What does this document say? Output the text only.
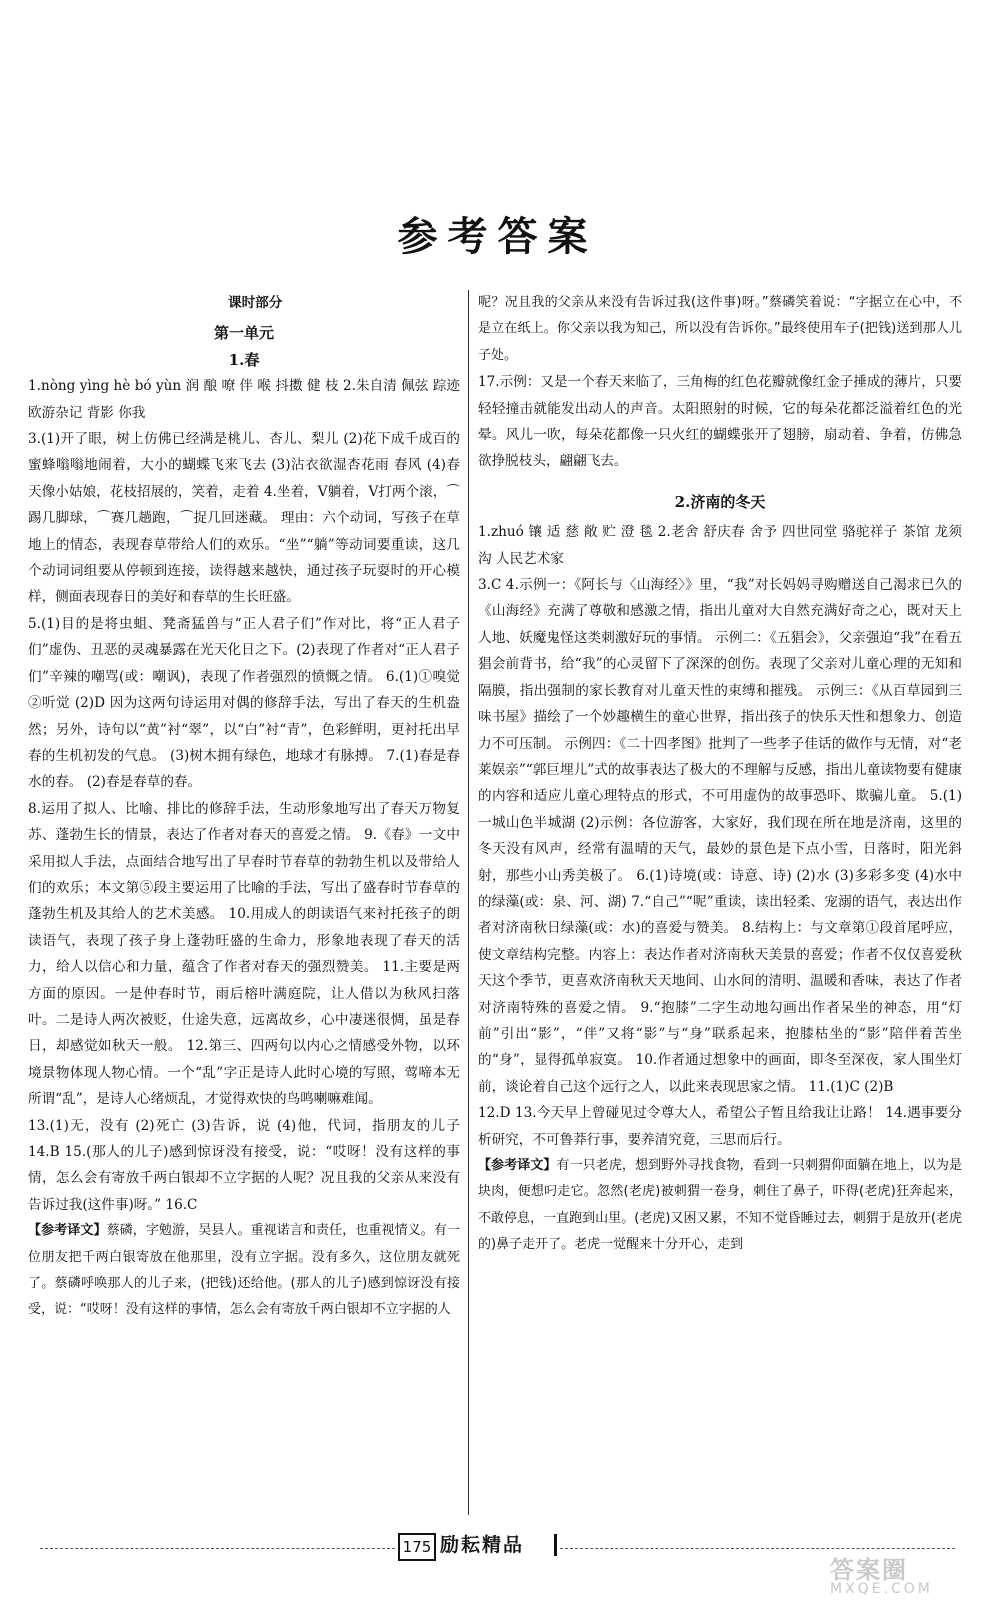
参考答案

课时部分

第一单元

1.春

1.nòng yìng hè bó yùn 润 酿 嘹 伴 喉 抖擞 健 枝 2.朱自清 佩弦 踪迹 欧游杂记 背影 你我

3.(1)开了眼，树上仿佛已经满是桃儿、杏儿、梨儿 (2)花下成千成百的蜜蜂嗡嗡地闹着，大小的蝴蝶飞来飞去 (3)沾衣欲湿杏花雨 春风 (4)春天像小姑娘，花枝招展的，笑着，走着 4.坐着，V躺着，V打两个滚，⌒踢几脚球，⌒赛几趟跑，⌒捉几回迷藏。 理由：六个动词，写孩子在草地上的情态，表现春草带给人们的欢乐。“坐”“躺”等动词要重读，这几个动词词组要从停顿到连接，读得越来越快，通过孩子玩耍时的开心模样，侧面表现春日的美好和春草的生长旺盛。

5.(1)目的是将虫蛆、凳斋猛兽与“正人君子们”作对比，将“正人君子们”虚伪、丑恶的灵魂暴露在光天化日之下。(2)表现了作者对“正人君子们”辛辣的嘲骂(或：嘲讽)，表现了作者强烈的愤慨之情。 6.(1)①嗅觉 ②听觉 (2)D 因为这两句诗运用对偶的修辞手法，写出了春天的生机盎然；另外，诗句以“黄”衬“翠”，以“白”衬“青”，色彩鲜明，更衬托出早春的生机初发的气息。 (3)树木拥有绿色，地球才有脉搏。 7.(1)春是春水的春。 (2)春是春草的春。

8.运用了拟人、比喻、排比的修辞手法，生动形象地写出了春天万物复苏、蓬勃生长的情景，表达了作者对春天的喜爱之情。 9.《春》一文中采用拟人手法，点面结合地写出了早春时节春草的勃勃生机以及带给人们的欢乐；本文第⑤段主要运用了比喻的手法，写出了盛春时节春草的蓬勃生机及其给人的艺术美感。 10.用成人的朗读语气来衬托孩子的朗读语气，表现了孩子身上蓬勃旺盛的生命力，形象地表现了春天的活力，给人以信心和力量，蕴含了作者对春天的强烈赞美。 11.主要是两方面的原因。一是仲春时节，雨后榕叶满庭院，让人借以为秋风扫落叶。二是诗人两次被贬，仕途失意，远离故乡，心中凄迷很惆，虽是春日，却感觉如秋天一般。 12.第三、四两句以内心之情感受外物，以环境景物体现人物心情。一个“乱”字正是诗人此时心境的写照，莺啼本无所谓“乱”，是诗人心绪烦乱，才觉得欢快的鸟鸣喇嘛难闻。

13.(1)无，没有 (2)死亡 (3)告诉，说 (4)他，代词，指朋友的儿子 14.B 15.(那人的儿子)感到惊讶没有接受，说：“哎呀！没有这样的事情，怎么会有寄放千两白银却不立字据的人呢？况且我的父亲从来没有告诉过我(这件事)呀。” 16.C

【参考译文】蔡磷，字勉游，吴县人。重视诺言和责任，也重视情义。有一位朋友把千两白银寄放在他那里，没有立字据。没有多久，这位朋友就死了。蔡磷呼唤那人的儿子来，(把钱)还给他。(那人的儿子)感到惊讶没有接受，说：“哎呀！没有这样的事情，怎么会有寄放千两白银却不立字据的人

呢？况且我的父亲从来没有告诉过我(这件事)呀。”蔡磷笑着说：“字据立在心中，不是立在纸上。你父亲以我为知己，所以没有告诉你。”最终使用车子(把钱)送到那人儿子处。

17.示例：又是一个春天来临了，三角梅的红色花瓣就像红金子捶成的薄片，只要轻轻撞击就能发出动人的声音。太阳照射的时候，它的每朵花都泛溢着红色的光晕。风儿一吹，每朵花都像一只火红的蝴蝶张开了翅膀，扇动着、争着，仿佛急欲挣脱枝头，翩翩飞去。

2.济南的冬天

1.zhuó 镶 适 慈 敞 贮 澄 毯 2.老舍 舒庆春 舍予 四世同堂 骆驼祥子 茶馆 龙须沟 人民艺术家

3.C 4.示例一：《阿长与〈山海经〉》里，“我”对长妈妈寻购赠送自己渴求已久的《山海经》充满了尊敬和感激之情，指出儿童对大自然充满好奇之心，既对天上人地、妖魔鬼怪这类刺激好玩的事情。 示例二：《五猖会》，父亲强迫“我”在看五猖会前背书，给“我”的心灵留下了深深的创伤。表现了父亲对儿童心理的无知和隔膜，指出强制的家长教育对儿童天性的束缚和摧残。 示例三：《从百草园到三味书屋》描绘了一个妙趣横生的童心世界，指出孩子的快乐天性和想象力、创造力不可压制。 示例四：《二十四孝图》批判了一些孝子佳话的做作与无情，对“老莱娱亲”“郭巨埋儿”式的故事表达了极大的不理解与反感，指出儿童读物要有健康的内容和适应儿童心理特点的形式，不可用虚伪的故事恐吓、欺骗儿童。 5.(1)一城山色半城湖 (2)示例：各位游客，大家好，我们现在所在地是济南，这里的冬天没有风声，经常有温晴的天气，最妙的景色是下点小雪，日落时，阳光斜射，那些小山秀美极了。 6.(1)诗境(或：诗意、诗) (2)水 (3)多彩多变 (4)水中的绿藻(或：泉、河、湖) 7.“自己”“呢”重读，读出轻柔、宠溺的语气，表达出作者对济南秋日绿藻(或：水)的喜爱与赞美。 8.结构上：与文章第①段首尾呼应，使文章结构完整。内容上：表达作者对济南秋天美景的喜爱；作者不仅仅喜爱秋天这个季节，更喜欢济南秋天天地间、山水间的清明、温暖和香味，表达了作者对济南特殊的喜爱之情。 9.“抱膝”二字生动地勾画出作者呆坐的神态，用“灯前”引出“影”，“伴”又将“影”与“身”联系起来，抱膝枯坐的“影”陪伴着苦坐的“身”，显得孤单寂寞。 10.作者通过想象中的画面，即冬至深夜，家人围坐灯前，谈论着自己这个远行之人，以此来表现思家之情。 11.(1)C (2)B

12.D 13.今天早上曾碰见过令尊大人，希望公子暂且给我让让路！ 14.遇事要分析研究，不可鲁莽行事，要养清究竟，三思而后行。

【参考译文】有一只老虎，想到野外寻找食物，看到一只刺猬仰面躺在地上，以为是块肉，便想叼走它。忽然(老虎)被刺猬一卷身，刺住了鼻子，吓得(老虎)狂奔起来，不敢停息，一直跑到山里。(老虎)又困又累，不知不觉昏睡过去，刺猬于是放开(老虎的)鼻子走开了。老虎一觉醒来十分开心，走到

175 励耘精品
答案圈
MXQE.COM
